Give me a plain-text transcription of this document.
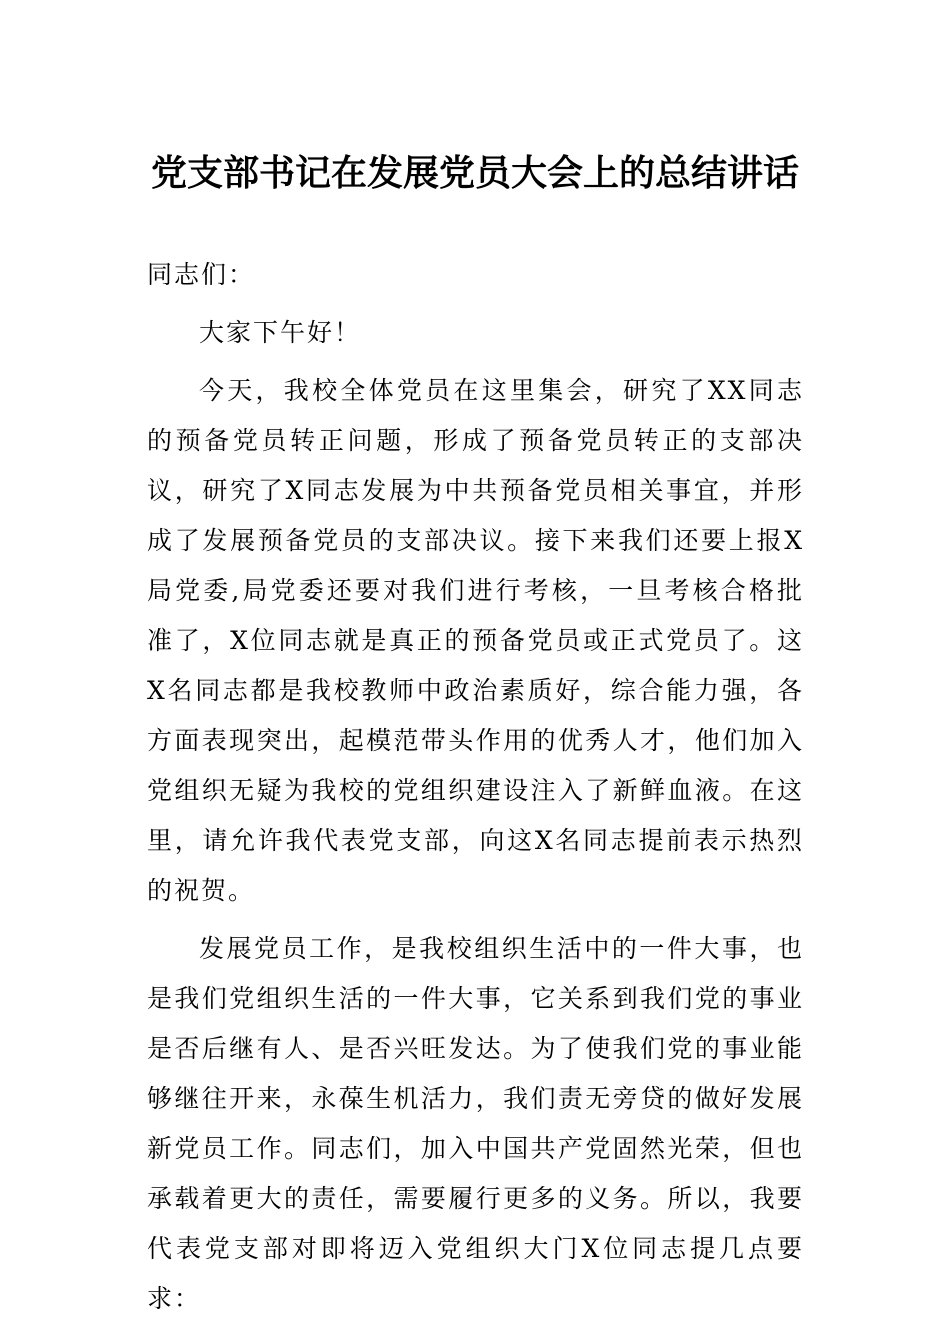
党支部书记在发展党员大会上的总结讲话

同志们：

大家下午好！

今天，我校全体党员在这里集会，研究了XX同志的预备党员转正问题，形成了预备党员转正的支部决议，研究了X同志发展为中共预备党员相关事宜，并形成了发展预备党员的支部决议。接下来我们还要上报X局党委,局党委还要对我们进行考核，一旦考核合格批准了，X位同志就是真正的预备党员或正式党员了。这X名同志都是我校教师中政治素质好，综合能力强，各方面表现突出，起模范带头作用的优秀人才，他们加入党组织无疑为我校的党组织建设注入了新鲜血液。在这里，请允许我代表党支部，向这X名同志提前表示热烈的祝贺。

发展党员工作，是我校组织生活中的一件大事，也是我们党组织生活的一件大事，它关系到我们党的事业是否后继有人、是否兴旺发达。为了使我们党的事业能够继往开来，永葆生机活力，我们责无旁贷的做好发展新党员工作。同志们，加入中国共产党固然光荣，但也承载着更大的责任，需要履行更多的义务。所以，我要代表党支部对即将迈入党组织大门X位同志提几点要求：
